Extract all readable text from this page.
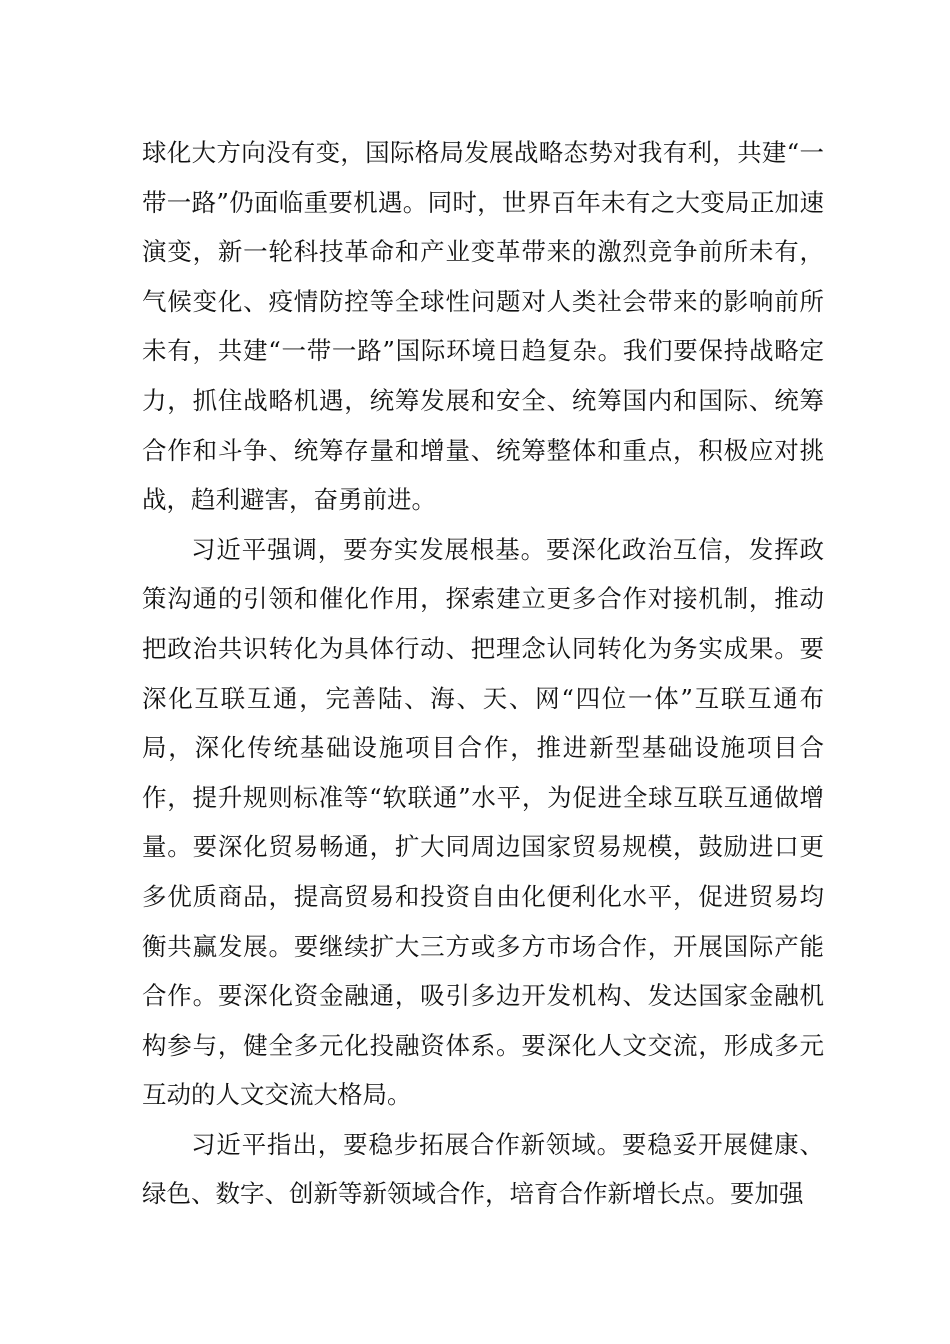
球化大方向没有变，国际格局发展战略态势对我有利，共建“一带一路”仍面临重要机遇。同时，世界百年未有之大变局正加速演变，新一轮科技革命和产业变革带来的激烈竞争前所未有，气候变化、疫情防控等全球性问题对人类社会带来的影响前所未有，共建“一带一路”国际环境日趋复杂。我们要保持战略定力，抓住战略机遇，统筹发展和安全、统筹国内和国际、统筹合作和斗争、统筹存量和增量、统筹整体和重点，积极应对挑战，趋利避害，奋勇前进。

习近平强调，要夯实发展根基。要深化政治互信，发挥政策沟通的引领和催化作用，探索建立更多合作对接机制，推动把政治共识转化为具体行动、把理念认同转化为务实成果。要深化互联互通，完善陆、海、天、网“四位一体”互联互通布局，深化传统基础设施项目合作，推进新型基础设施项目合作，提升规则标准等“软联通”水平，为促进全球互联互通做增量。要深化贸易畅通，扩大同周边国家贸易规模，鼓励进口更多优质商品，提高贸易和投资自由化便利化水平，促进贸易均衡共赢发展。要继续扩大三方或多方市场合作，开展国际产能合作。要深化资金融通，吸引多边开发机构、发达国家金融机构参与，健全多元化投融资体系。要深化人文交流，形成多元互动的人文交流大格局。

习近平指出，要稳步拓展合作新领域。要稳妥开展健康、绿色、数字、创新等新领域合作，培育合作新增长点。要加强
